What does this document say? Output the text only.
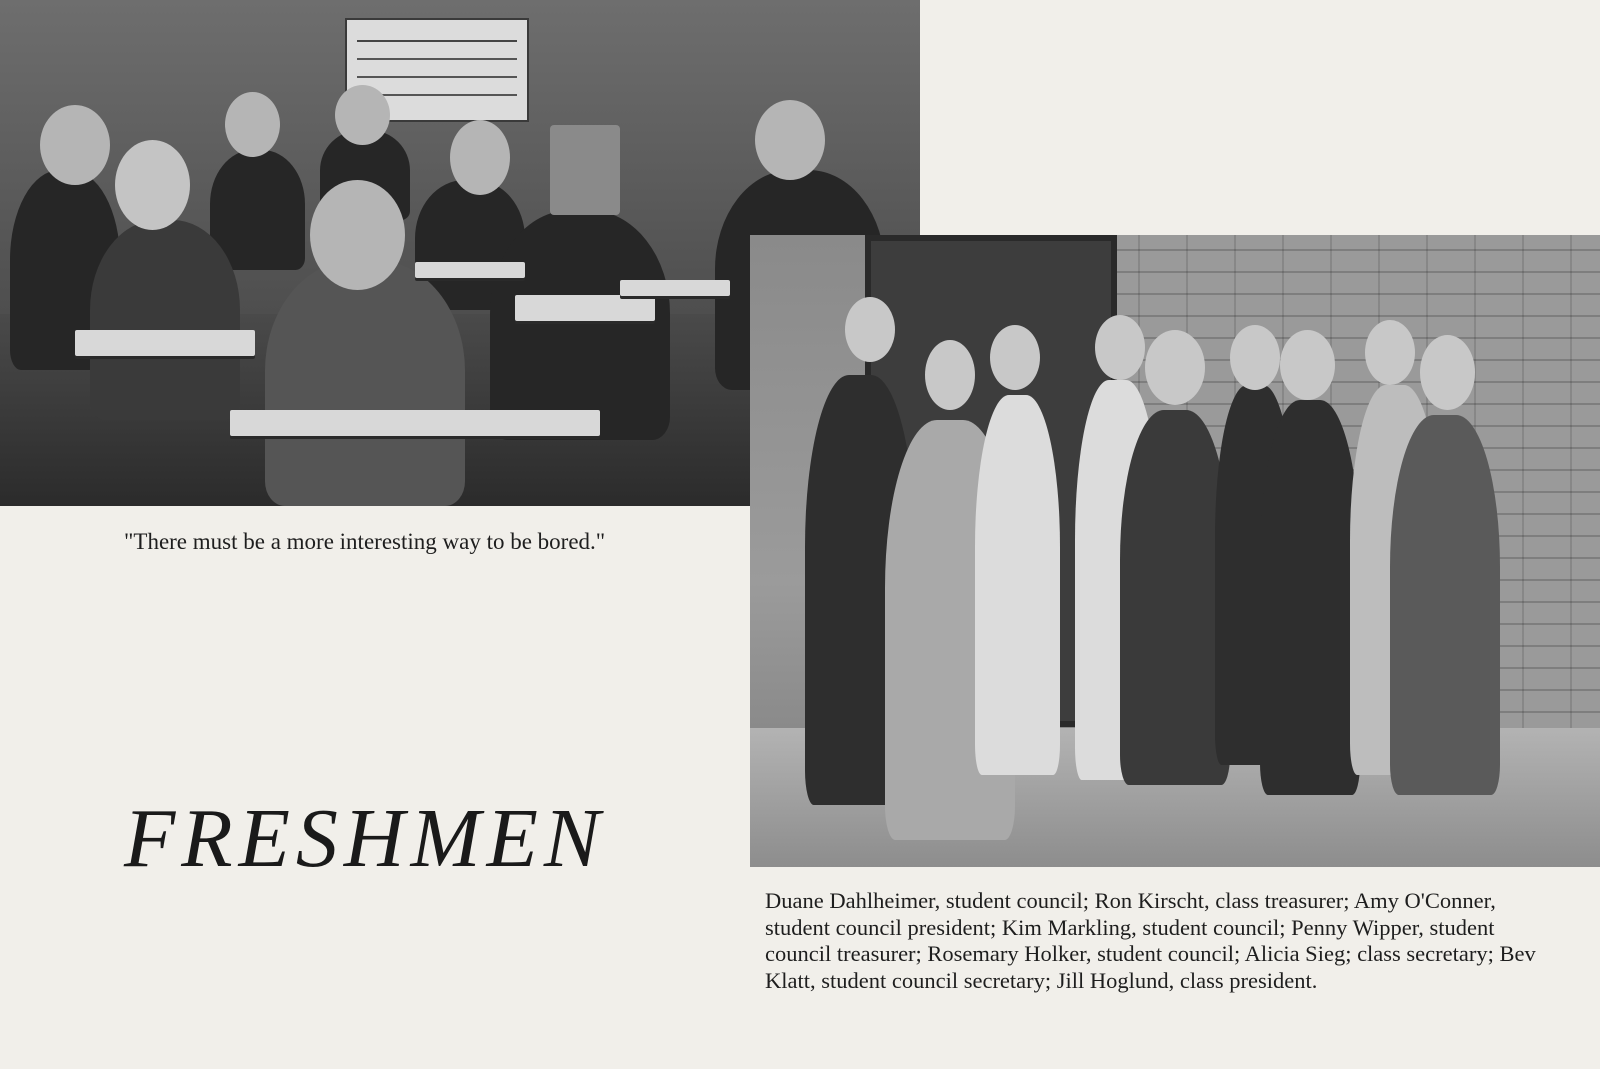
"There must be a more interesting way to be bored."

FRESHMEN

Duane Dahlheimer, student council; Ron Kirscht, class treasurer; Amy O'Conner, student council president; Kim Markling, student council; Penny Wipper, student council treasurer; Rosemary Holker, student council; Alicia Sieg; class secretary; Bev Klatt, student council secretary; Jill Hoglund, class president.
